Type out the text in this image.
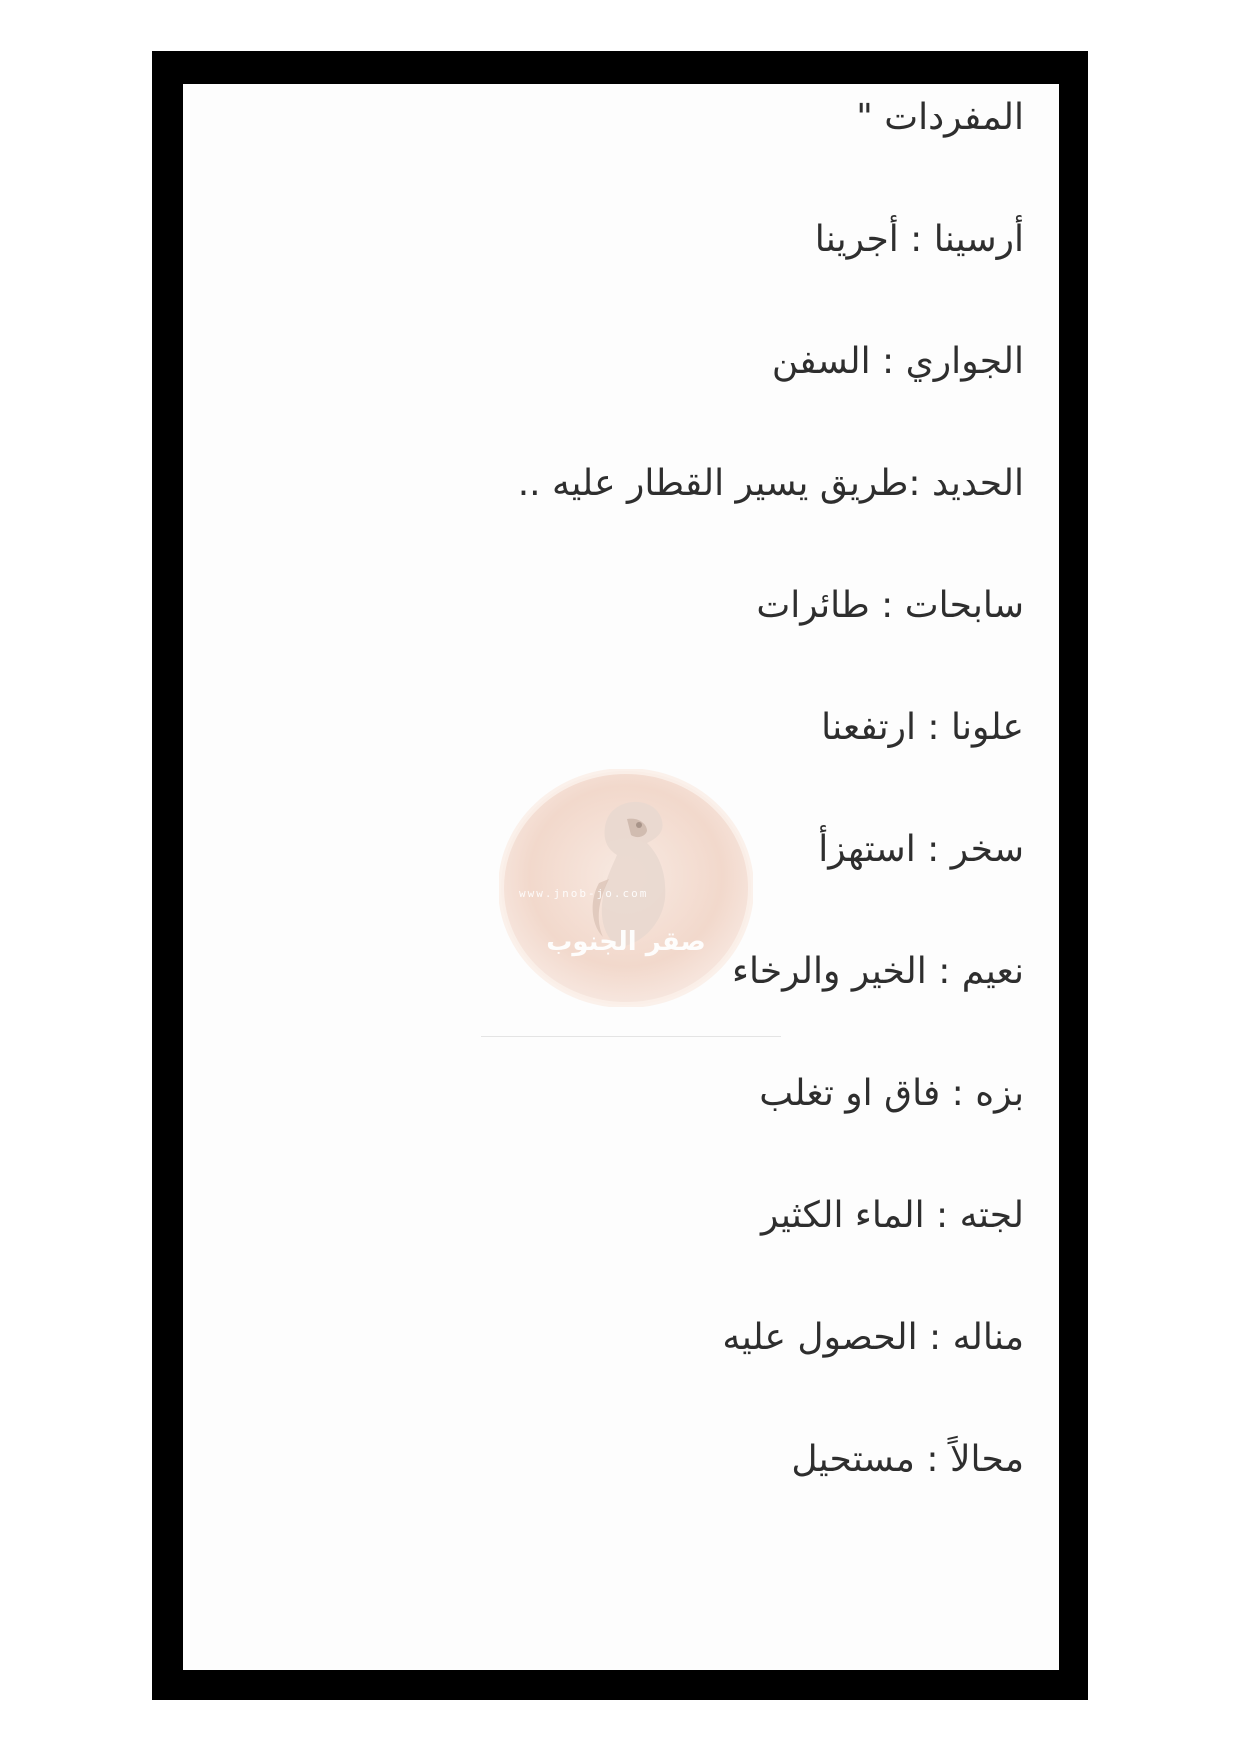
المفردات "
أرسينا : أجرينا
الجواري : السفن
الحديد :طريق يسير القطار عليه ..
سابحات : طائرات
علونا : ارتفعنا
سخر : استهزأ
نعيم : الخير والرخاء
بزه : فاق او تغلب
لجته : الماء الكثير
مناله : الحصول عليه
محالاً : مستحيل
www.jnob-jo.com
صقر الجنوب
